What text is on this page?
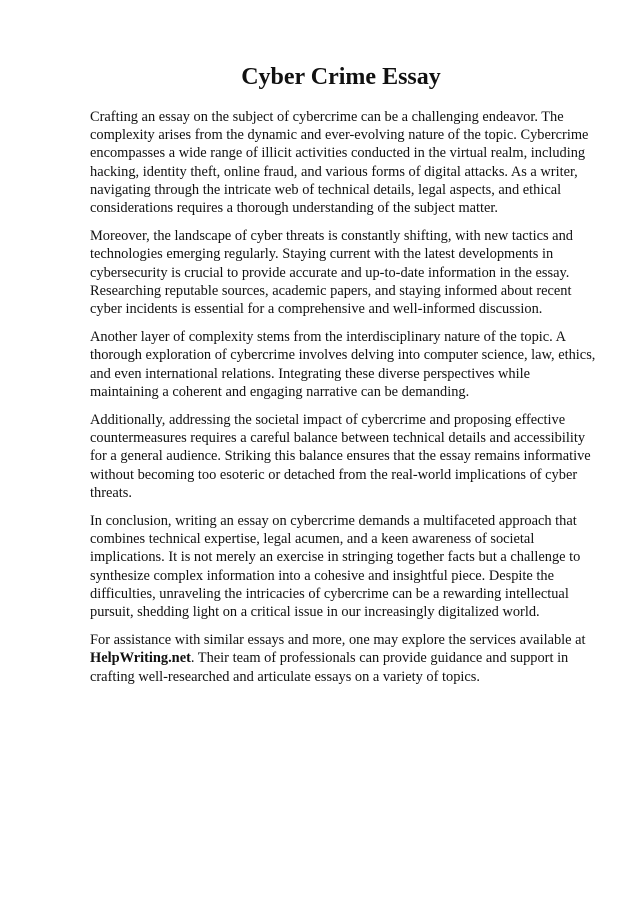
Cyber Crime Essay

Crafting an essay on the subject of cybercrime can be a challenging endeavor. The complexity arises from the dynamic and ever-evolving nature of the topic. Cybercrime encompasses a wide range of illicit activities conducted in the virtual realm, including hacking, identity theft, online fraud, and various forms of digital attacks. As a writer, navigating through the intricate web of technical details, legal aspects, and ethical considerations requires a thorough understanding of the subject matter.

Moreover, the landscape of cyber threats is constantly shifting, with new tactics and technologies emerging regularly. Staying current with the latest developments in cybersecurity is crucial to provide accurate and up-to-date information in the essay. Researching reputable sources, academic papers, and staying informed about recent cyber incidents is essential for a comprehensive and well-informed discussion.

Another layer of complexity stems from the interdisciplinary nature of the topic. A thorough exploration of cybercrime involves delving into computer science, law, ethics, and even international relations. Integrating these diverse perspectives while maintaining a coherent and engaging narrative can be demanding.

Additionally, addressing the societal impact of cybercrime and proposing effective countermeasures requires a careful balance between technical details and accessibility for a general audience. Striking this balance ensures that the essay remains informative without becoming too esoteric or detached from the real-world implications of cyber threats.

In conclusion, writing an essay on cybercrime demands a multifaceted approach that combines technical expertise, legal acumen, and a keen awareness of societal implications. It is not merely an exercise in stringing together facts but a challenge to synthesize complex information into a cohesive and insightful piece. Despite the difficulties, unraveling the intricacies of cybercrime can be a rewarding intellectual pursuit, shedding light on a critical issue in our increasingly digitalized world.

For assistance with similar essays and more, one may explore the services available at HelpWriting.net. Their team of professionals can provide guidance and support in crafting well-researched and articulate essays on a variety of topics.
